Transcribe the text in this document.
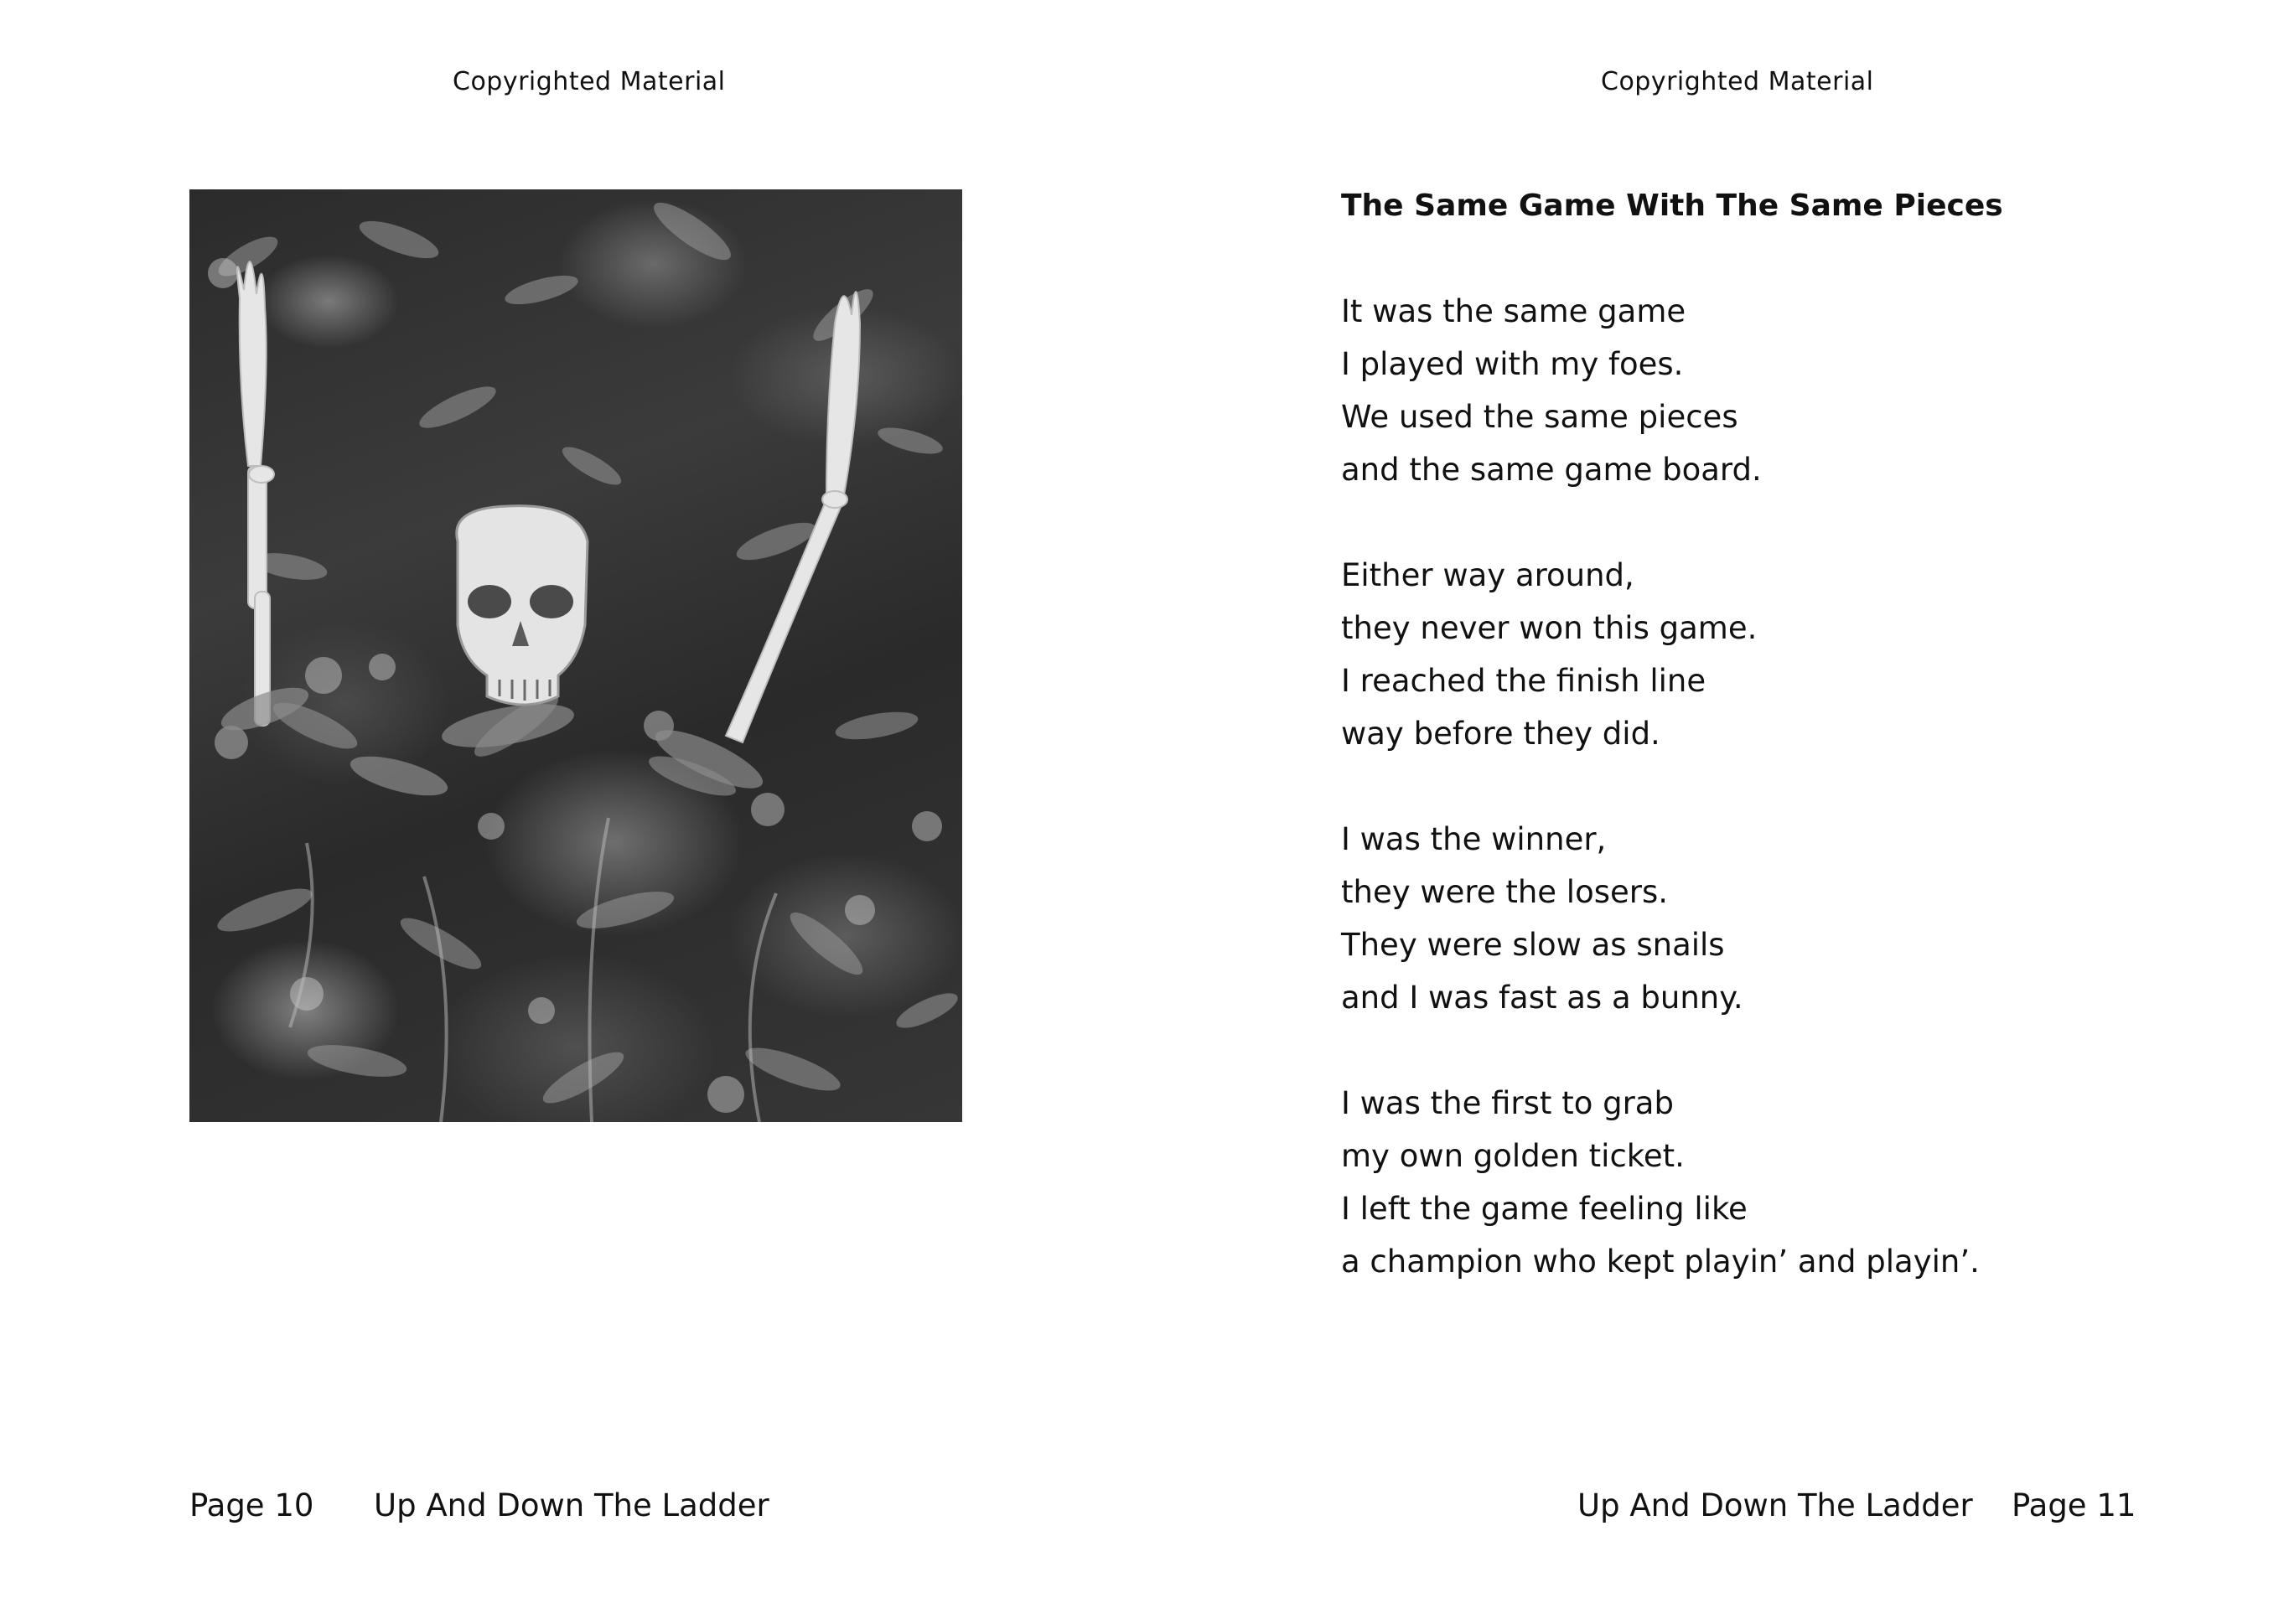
Copyrighted Material
Page 10 Up And Down The Ladder
Copyrighted Material
The Same Game With The Same Pieces
It was the same game
I played with my foes.
We used the same pieces
and the same game board.
Either way around,
they never won this game.
I reached the finish line
way before they did.
I was the winner,
they were the losers.
They were slow as snails
and I was fast as a bunny.
I was the first to grab
my own golden ticket.
I left the game feeling like
a champion who kept playin’ and playin’.
Up And Down The Ladder Page 11
